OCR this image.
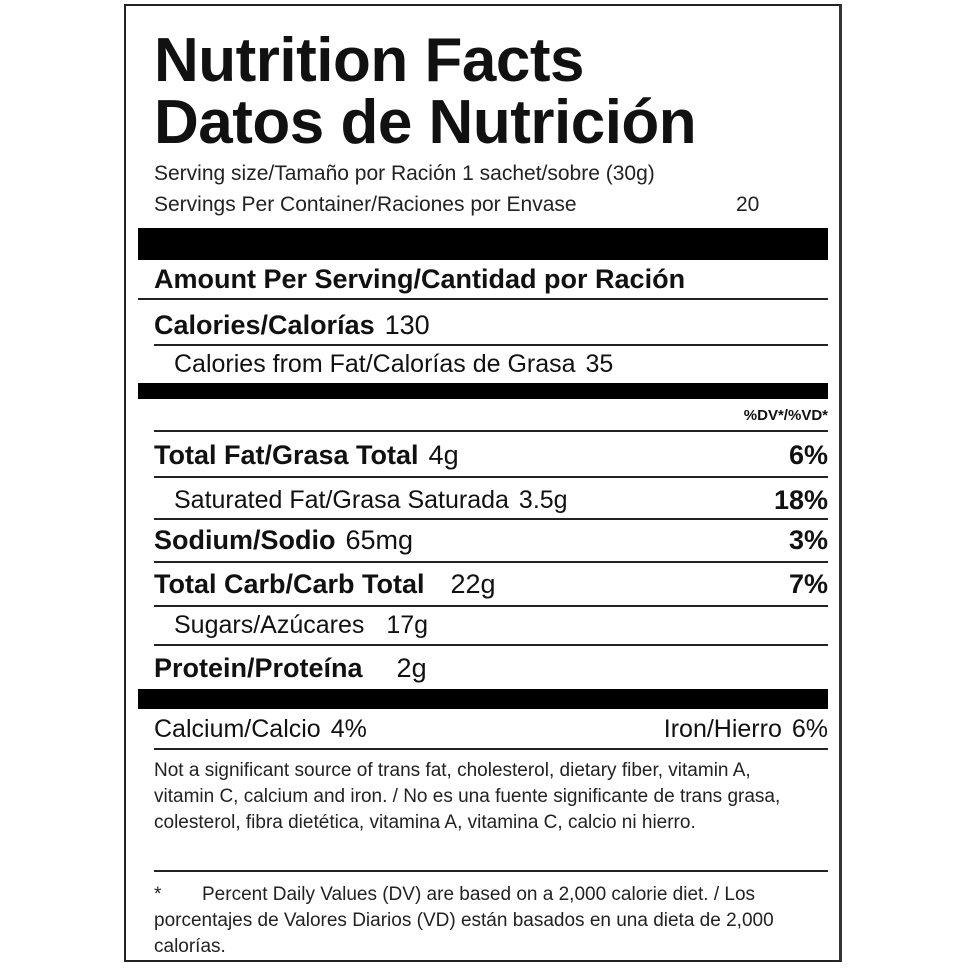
Nutrition Facts
Datos de Nutrición
Serving size/Tamaño por Ración 1 sachet/sobre (30g)
Servings Per Container/Raciones por Envase	20
Amount Per Serving/Cantidad por Ración
Calories/Calorías 130
Calories from Fat/Calorías de Grasa 35
%DV*/%VD*
Total Fat/Grasa Total 4g	6%
Saturated Fat/Grasa Saturada 3.5g	18%
Sodium/Sodio 65mg	3%
Total Carb/Carb Total 22g	7%
Sugars/Azúcares 17g
Protein/Proteína 2g
Calcium/Calcio 4%	Iron/Hierro 6%
Not a significant source of trans fat, cholesterol, dietary fiber, vitamin A, vitamin C, calcium and iron. / No es una fuente significante de trans grasa, colesterol, fibra dietética, vitamina A, vitamina C, calcio ni hierro.
* Percent Daily Values (DV) are based on a 2,000 calorie diet. / Los porcentajes de Valores Diarios (VD) están basados en una dieta de 2,000 calorías.
